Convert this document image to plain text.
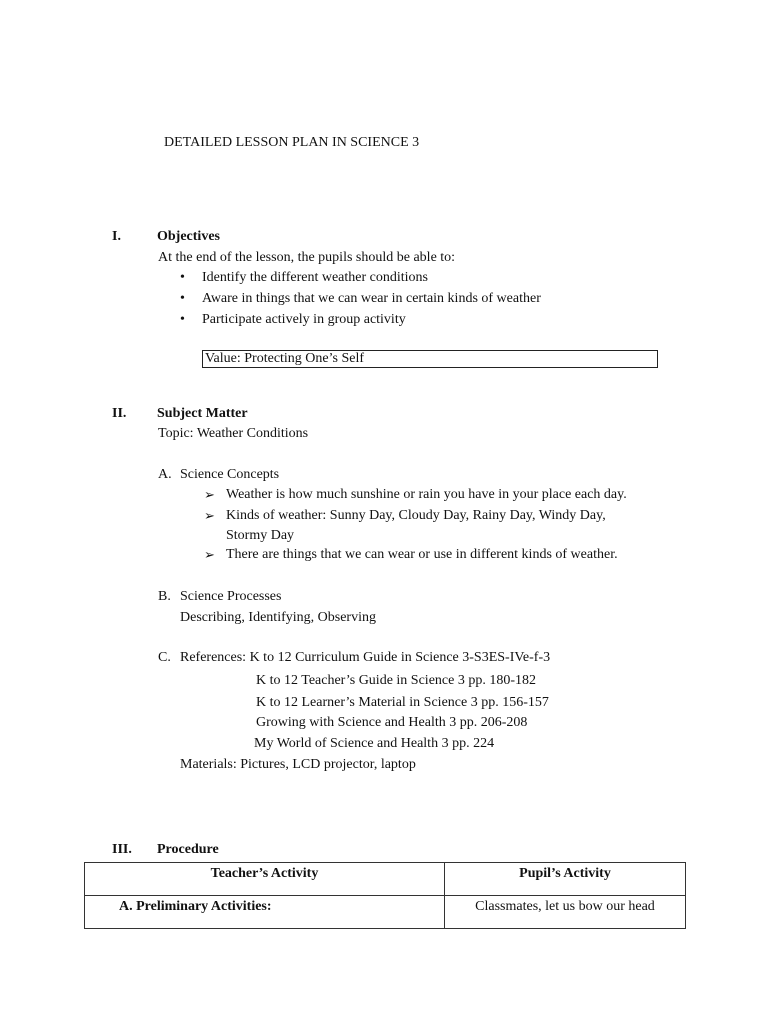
DETAILED LESSON PLAN IN SCIENCE 3
I.	Objectives
At the end of the lesson, the pupils should be able to:
• Identify the different weather conditions
• Aware in things that we can wear in certain kinds of weather
• Participate actively in group activity
Value: Protecting One’s Self
II. Subject Matter
Topic: Weather Conditions
A. Science Concepts
➢ Weather is how much sunshine or rain you have in your place each day.
➢ Kinds of weather: Sunny Day, Cloudy Day, Rainy Day, Windy Day,
Stormy Day
➢ There are things that we can wear or use in different kinds of weather.
B. Science Processes
Describing, Identifying, Observing
C. References: K to 12 Curriculum Guide in Science 3-S3ES-IVe-f-3
K to 12 Teacher’s Guide in Science 3 pp. 180-182
K to 12 Learner’s Material in Science 3 pp. 156-157
Growing with Science and Health 3 pp. 206-208
My World of Science and Health 3 pp. 224
Materials: Pictures, LCD projector, laptop
III. Procedure
Teacher’s Activity	Pupil’s Activity
A. Preliminary Activities:	Classmates, let us bow our head
